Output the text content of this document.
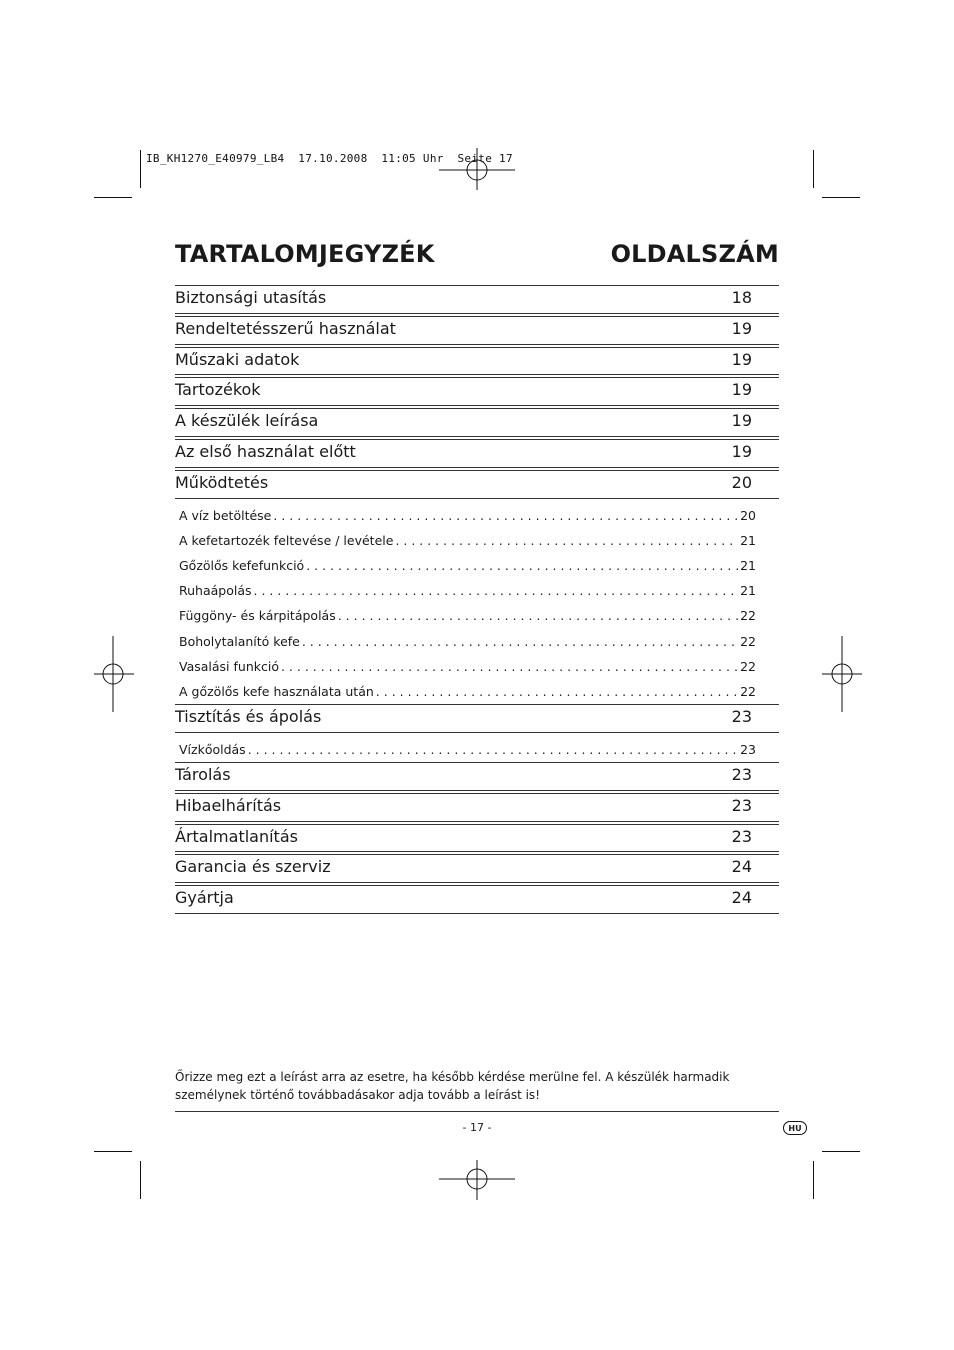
IB_KH1270_E40979_LB4  17.10.2008  11:05 Uhr  Seite 17
TARTALOMJEGYZÉK	OLDALSZÁM
Biztonsági utasítás	18
Rendeltetésszerű használat	19
Műszaki adatok	19
Tartozékok	19
A készülék leírása	19
Az első használat előtt	19
Működtetés	20
A víz betöltése . . .	20
A kefetartozék feltevése / levétele . . .	21
Gőzölős kefefunkció . . .	21
Ruhaápolás . . .	21
Függöny- és kárpitápolás . . .	22
Boholytalanító kefe . . .	22
Vasalási funkció . . .	22
A gőzölős kefe használata után . . .	22
Tisztítás és ápolás	23
Vízkőoldás . . .	23
Tárolás	23
Hibaelhárítás	23
Ártalmatlanítás	23
Garancia és szerviz	24
Gyártja	24
Őrizze meg ezt a leírást arra az esetre, ha később kérdése merülne fel. A készülék harmadik személynek történő továbbadásakor adja tovább a leírást is!
- 17 -	HU
